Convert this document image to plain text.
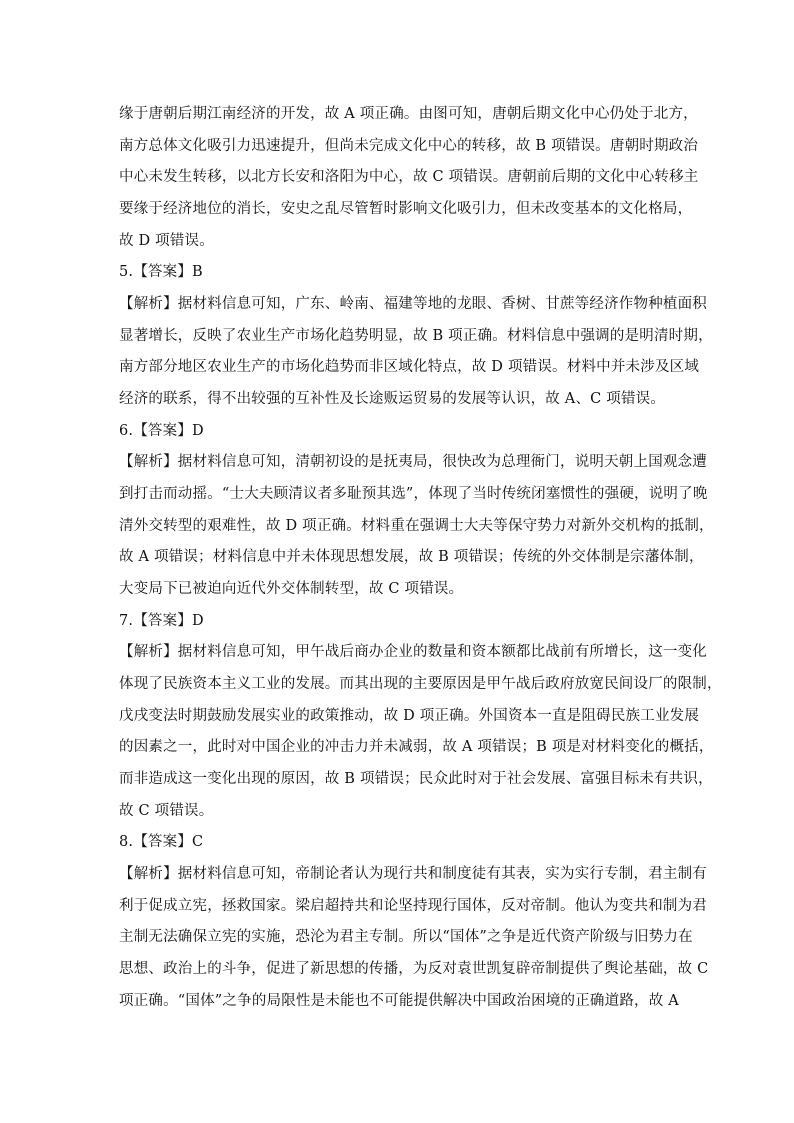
缘于唐朝后期江南经济的开发，故 A 项正确。由图可知，唐朝后期文化中心仍处于北方，
南方总体文化吸引力迅速提升，但尚未完成文化中心的转移，故 B 项错误。唐朝时期政治
中心未发生转移，以北方长安和洛阳为中心，故 C 项错误。唐朝前后期的文化中心转移主
要缘于经济地位的消长，安史之乱尽管暂时影响文化吸引力，但未改变基本的文化格局，
故 D 项错误。
5.【答案】B
【解析】据材料信息可知，广东、岭南、福建等地的龙眼、香树、甘蔗等经济作物种植面积
显著增长，反映了农业生产市场化趋势明显，故 B 项正确。材料信息中强调的是明清时期，
南方部分地区农业生产的市场化趋势而非区域化特点，故 D 项错误。材料中并未涉及区域
经济的联系，得不出较强的互补性及长途贩运贸易的发展等认识，故 A、C 项错误。
6.【答案】D
【解析】据材料信息可知，清朝初设的是抚夷局，很快改为总理衙门，说明天朝上国观念遭
到打击而动摇。“士大夫顾清议者多耻预其选”，体现了当时传统闭塞惯性的强硬，说明了晚
清外交转型的艰难性，故 D 项正确。材料重在强调士大夫等保守势力对新外交机构的抵制，
故 A 项错误；材料信息中并未体现思想发展，故 B 项错误；传统的外交体制是宗藩体制，
大变局下已被迫向近代外交体制转型，故 C 项错误。
7.【答案】D
【解析】据材料信息可知，甲午战后商办企业的数量和资本额都比战前有所增长，这一变化
体现了民族资本主义工业的发展。而其出现的主要原因是甲午战后政府放宽民间设厂的限制，
戊戌变法时期鼓励发展实业的政策推动，故 D 项正确。外国资本一直是阻碍民族工业发展
的因素之一，此时对中国企业的冲击力并未减弱，故 A 项错误；B 项是对材料变化的概括，
而非造成这一变化出现的原因，故 B 项错误；民众此时对于社会发展、富强目标未有共识，
故 C 项错误。
8.【答案】C
【解析】据材料信息可知，帝制论者认为现行共和制度徒有其表，实为实行专制，君主制有
利于促成立宪，拯救国家。梁启超持共和论坚持现行国体，反对帝制。他认为变共和制为君
主制无法确保立宪的实施，恐沦为君主专制。所以“国体”之争是近代资产阶级与旧势力在
思想、政治上的斗争，促进了新思想的传播，为反对袁世凯复辟帝制提供了舆论基础，故 C
项正确。“国体”之争的局限性是未能也不可能提供解决中国政治困境的正确道路，故 A
